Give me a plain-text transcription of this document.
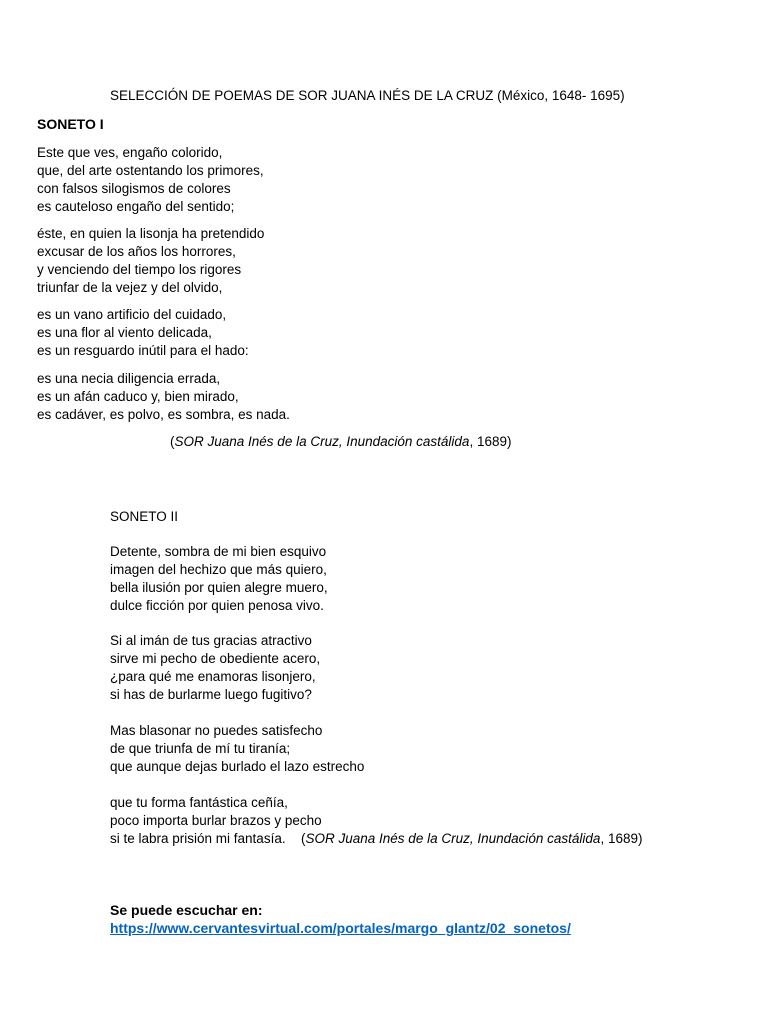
SELECCIÓN DE POEMAS DE SOR JUANA INÉS DE LA CRUZ (México, 1648- 1695)
SONETO I
Este que ves, engaño colorido,
que, del arte ostentando los primores,
con falsos silogismos de colores
es cauteloso engaño del sentido;
éste, en quien la lisonja ha pretendido
excusar de los años los horrores,
y venciendo del tiempo los rigores
triunfar de la vejez y del olvido,
es un vano artificio del cuidado,
es una flor al viento delicada,
es un resguardo inútil para el hado:
es una necia diligencia errada,
es un afán caduco y, bien mirado,
es cadáver, es polvo, es sombra, es nada.
(SOR Juana Inés de la Cruz, Inundación castálida, 1689)
SONETO II
Detente, sombra de mi bien esquivo
imagen del hechizo que más quiero,
bella ilusión por quien alegre muero,
dulce ficción por quien penosa vivo.
Si al imán de tus gracias atractivo
sirve mi pecho de obediente acero,
¿para qué me enamoras lisonjero,
si has de burlarme luego fugitivo?
Mas blasonar no puedes satisfecho
de que triunfa de mí tu tiranía;
que aunque dejas burlado el lazo estrecho
que tu forma fantástica ceñía,
poco importa burlar brazos y pecho
si te labra prisión mi fantasía.	(SOR Juana Inés de la Cruz, Inundación castálida, 1689)
Se puede escuchar en:
https://www.cervantesvirtual.com/portales/margo_glantz/02_sonetos/
